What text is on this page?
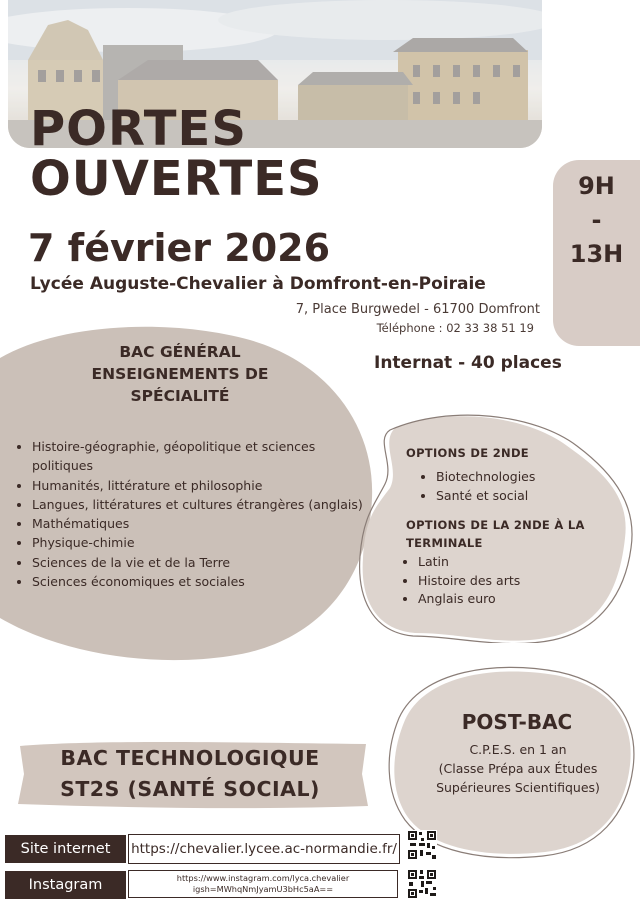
PORTES
OUVERTES
7 février 2026
Lycée Auguste-Chevalier à Domfront-en-Poiraie
7, Place Burgwedel - 61700 Domfront
Téléphone : 02 33 38 51 19
9H
-
13H
Internat - 40 places
BAC GÉNÉRAL
ENSEIGNEMENTS DE
SPÉCIALITÉ
• Histoire-géographie, géopolitique et sciences politiques
• Humanités, littérature et philosophie
• Langues, littératures et cultures étrangères (anglais)
• Mathématiques
• Physique-chimie
• Sciences de la vie et de la Terre
• Sciences économiques et sociales
OPTIONS DE 2NDE
• Biotechnologies
• Santé et social
OPTIONS DE LA 2NDE À LA TERMINALE
• Latin
• Histoire des arts
• Anglais euro
POST-BAC
C.P.E.S. en 1 an
(Classe Prépa aux Études
Supérieures Scientifiques)
BAC TECHNOLOGIQUE
ST2S (SANTÉ SOCIAL)
Site internet	https://chevalier.lycee.ac-normandie.fr/
Instagram	https://www.instagram.com/lyca.chevalier
igsh=MWhqNmJyamU3bHc5aA==
